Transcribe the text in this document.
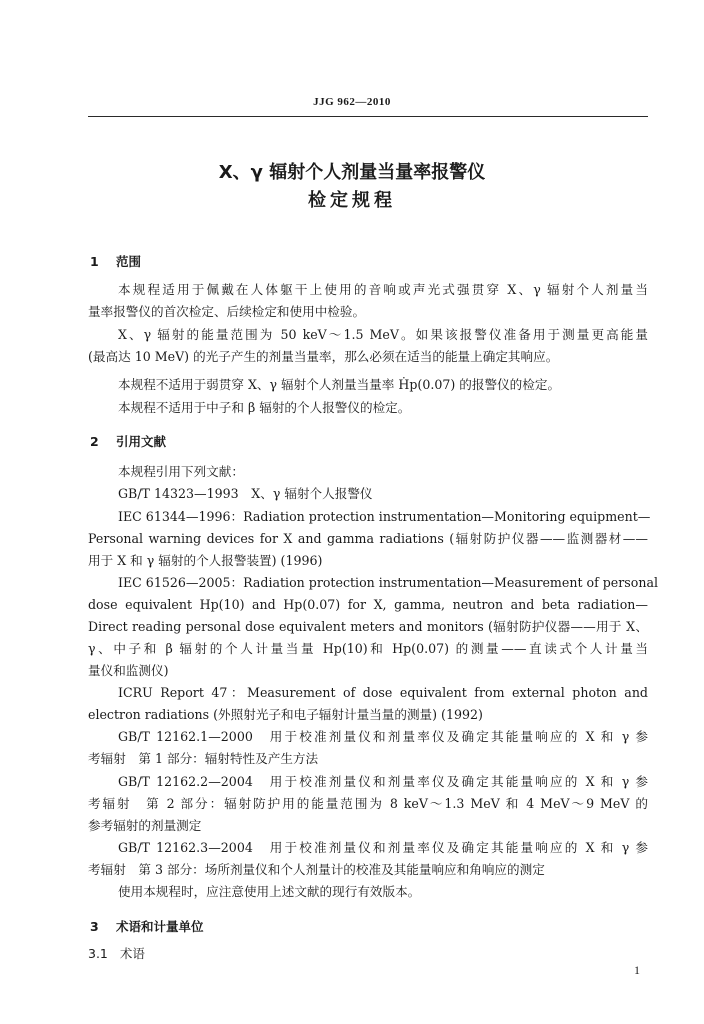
JJG 962—2010
X、γ 辐射个人剂量当量率报警仪
检定规程
1 范围
本规程适用于佩戴在人体躯干上使用的音响或声光式强贯穿 X、γ 辐射个人剂量当
量率报警仪的首次检定、后续检定和使用中检验。
X、γ 辐射的能量范围为 50 keV～1.5 MeV。如果该报警仪准备用于测量更高能量
(最高达 10 MeV) 的光子产生的剂量当量率，那么必须在适当的能量上确定其响应。
本规程不适用于弱贯穿 X、γ 辐射个人剂量当量率 Ḣp(0.07) 的报警仪的检定。
本规程不适用于中子和 β 辐射的个人报警仪的检定。
2 引用文献
本规程引用下列文献：
GB/T 14323—1993　X、γ 辐射个人报警仪
IEC 61344—1996：Radiation protection instrumentation—Monitoring equipment—
Personal warning devices for X and gamma radiations (辐射防护仪器——监测器材——
用于 X 和 γ 辐射的个人报警装置) (1996)
IEC 61526—2005：Radiation protection instrumentation—Measurement of personal
dose equivalent Hp(10) and Hp(0.07) for X, gamma, neutron and beta radiation—
Direct reading personal dose equivalent meters and monitors (辐射防护仪器——用于 X、
γ、中子和 β 辐射的个人计量当量 Hp(10)和 Hp(0.07) 的测量——直读式个人计量当
量仪和监测仪)
ICRU Report 47：Measurement of dose equivalent from external photon and
electron radiations (外照射光子和电子辐射计量当量的测量) (1992)
GB/T 12162.1—2000　用于校准剂量仪和剂量率仪及确定其能量响应的 X 和 γ 参
考辐射　第 1 部分：辐射特性及产生方法
GB/T 12162.2—2004　用于校准剂量仪和剂量率仪及确定其能量响应的 X 和 γ 参
考辐射　第 2 部分：辐射防护用的能量范围为 8 keV～1.3 MeV 和 4 MeV～9 MeV 的
参考辐射的剂量测定
GB/T 12162.3—2004　用于校准剂量仪和剂量率仪及确定其能量响应的 X 和 γ 参
考辐射　第 3 部分：场所剂量仪和个人剂量计的校准及其能量响应和角响应的测定
使用本规程时，应注意使用上述文献的现行有效版本。
3 术语和计量单位
3.1 术语
1
